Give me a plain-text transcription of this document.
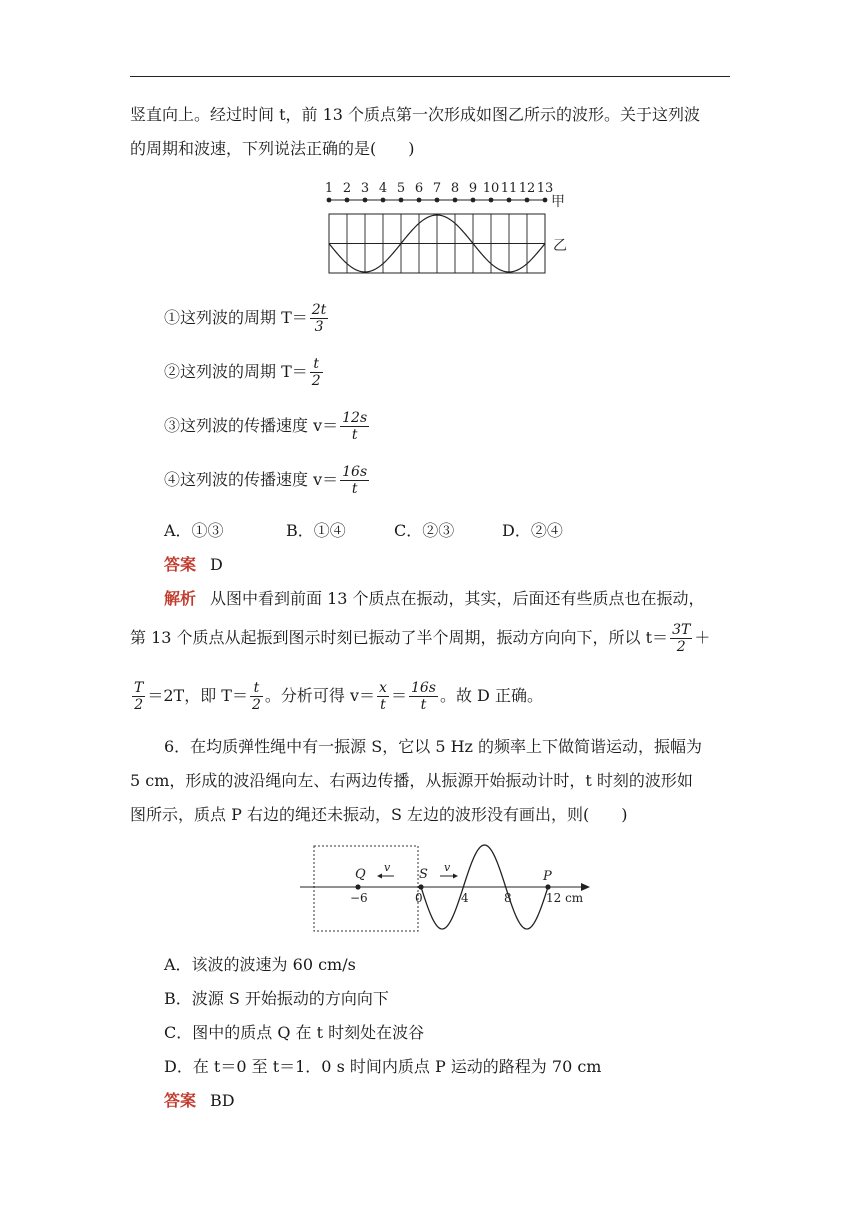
竖直向上。经过时间 t，前 13 个质点第一次形成如图乙所示的波形。关于这列波
的周期和波速，下列说法正确的是(　　)
1 2 3 4 5 6 7 8 9 10 11 12 13
甲
乙
①这列波的周期 $T= \frac{2t}{3}$
②这列波的周期 $T= \frac{t}{2}$
③这列波的传播速度 $v= \frac{12s}{t}$
④这列波的传播速度 $v= \frac{16s}{t}$
A．①③	B．①④	C．②③	D．②④
答案 D
解析 从图中看到前面 13 个质点在振动，其实，后面还有些质点也在振动，
第 13 个质点从起振到图示时刻已振动了半个周期，振动方向向下，所以 $t= \frac{3T}{2}$ ＋
$\frac{T}{2} =2T$，即 $T= \frac{t}{2}$ 。分析可得 $v= \frac{x}{t} = \frac{16s}{t}$ 。故 D 正确。
6．在均质弹性绳中有一振源 S，它以 5 Hz 的频率上下做简谐运动，振幅为
5 cm，形成的波沿绳向左、右两边传播，从振源开始振动计时，t 时刻的波形如
图所示，质点 P 右边的绳还未振动，S 左边的波形没有画出，则(　　)
Q	S	P
v	v
−6	0	4	8	12 cm
A．该波的波速为 60 cm/s
B．波源 S 开始振动的方向向下
C．图中的质点 Q 在 t 时刻处在波谷
D．在 t＝0 至 t＝1．0 s 时间内质点 P 运动的路程为 70 cm
答案 BD
